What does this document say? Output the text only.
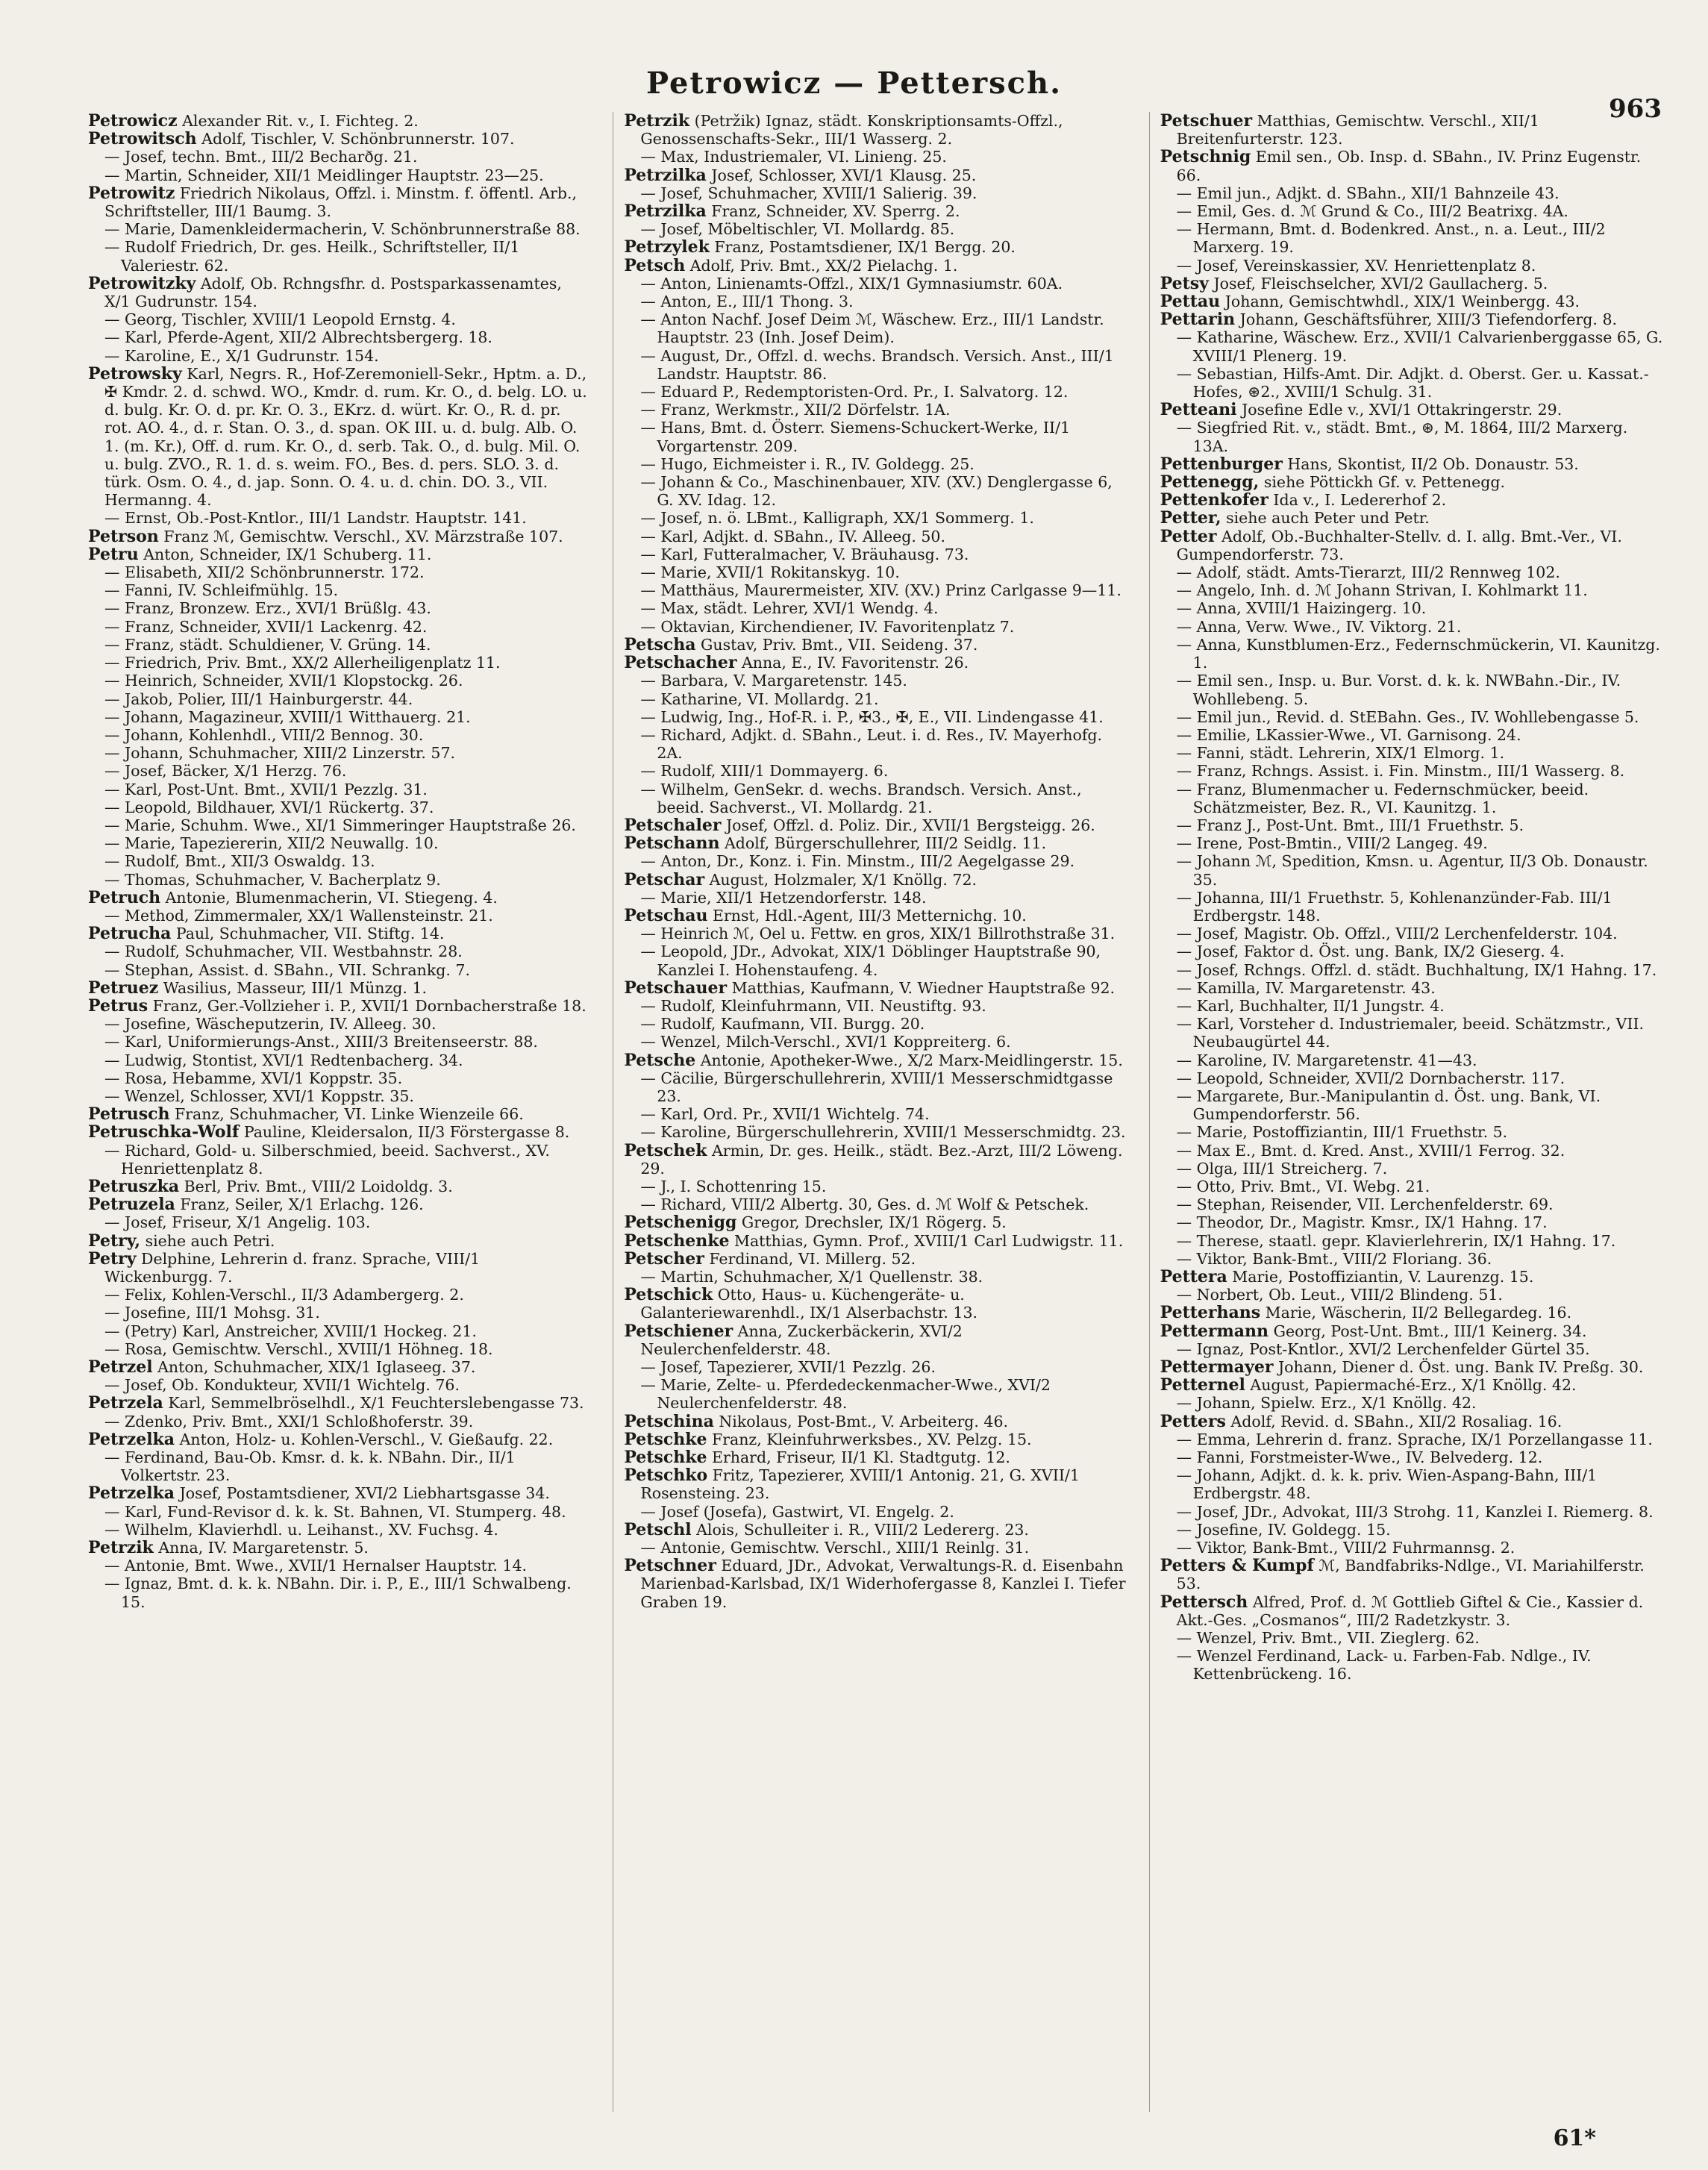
Petrowicz — Pettersch.
963

Petrowicz Alexander Rit. v., I. Fichteg. 2.

Petrowitsch Adolf, Tischler, V. Schönbrunnerstr. 107.

— Josef, techn. Bmt., III/2 Becharðg. 21.

— Martin, Schneider, XII/1 Meidlinger Hauptstr. 23—25.

Petrowitz Friedrich Nikolaus, Offzl. i. Minstm. f. öffentl. Arb., Schriftsteller, III/1 Baumg. 3.

— Marie, Damenkleidermacherin, V. Schönbrunnerstraße 88.

— Rudolf Friedrich, Dr. ges. Heilk., Schriftsteller, II/1 Valeriestr. 62.

Petrowitzky Adolf, Ob. Rchngsfhr. d. Postsparkassenamtes, X/1 Gudrunstr. 154.

— Georg, Tischler, XVIII/1 Leopold Ernstg. 4.

— Karl, Pferde-Agent, XII/2 Albrechtsbergerg. 18.

— Karoline, E., X/1 Gudrunstr. 154.

Petrowsky Karl, Negrs. R., Hof-Zeremoniell-Sekr., Hptm. a. D., ✠ Kmdr. 2. d. schwd. WO., Kmdr. d. rum. Kr. O., d. belg. LO. u. d. bulg. Kr. O. d. pr. Kr. O. 3., EKrz. d. würt. Kr. O., R. d. pr. rot. AO. 4., d. r. Stan. O. 3., d. span. OK III. u. d. bulg. Alb. O. 1. (m. Kr.), Off. d. rum. Kr. O., d. serb. Tak. O., d. bulg. Mil. O. u. bulg. ZVO., R. 1. d. s. weim. FO., Bes. d. pers. SLO. 3. d. türk. Osm. O. 4., d. jap. Sonn. O. 4. u. d. chin. DO. 3., VII. Hermanng. 4.

— Ernst, Ob.-Post-Kntlor., III/1 Landstr. Hauptstr. 141.

Petrson Franz ℳ, Gemischtw. Verschl., XV. Märzstraße 107.

Petru Anton, Schneider, IX/1 Schuberg. 11.

— Elisabeth, XII/2 Schönbrunnerstr. 172.

— Fanni, IV. Schleifmühlg. 15.

— Franz, Bronzew. Erz., XVI/1 Brüßlg. 43.

— Franz, Schneider, XVII/1 Lackenrg. 42.

— Franz, städt. Schuldiener, V. Grüng. 14.

— Friedrich, Priv. Bmt., XX/2 Allerheiligenplatz 11.

— Heinrich, Schneider, XVII/1 Klopstockg. 26.

— Jakob, Polier, III/1 Hainburgerstr. 44.

— Johann, Magazineur, XVIII/1 Witthauerg. 21.

— Johann, Kohlenhdl., VIII/2 Bennog. 30.

— Johann, Schuhmacher, XIII/2 Linzerstr. 57.

— Josef, Bäcker, X/1 Herzg. 76.

— Karl, Post-Unt. Bmt., XVII/1 Pezzlg. 31.

— Leopold, Bildhauer, XVI/1 Rückertg. 37.

— Marie, Schuhm. Wwe., XI/1 Simmeringer Hauptstraße 26.

— Marie, Tapeziererin, XII/2 Neuwallg. 10.

— Rudolf, Bmt., XII/3 Oswaldg. 13.

— Thomas, Schuhmacher, V. Bacherplatz 9.

Petruch Antonie, Blumenmacherin, VI. Stiegeng. 4.

— Method, Zimmermaler, XX/1 Wallensteinstr. 21.

Petrucha Paul, Schuhmacher, VII. Stiftg. 14.

— Rudolf, Schuhmacher, VII. Westbahnstr. 28.

— Stephan, Assist. d. SBahn., VII. Schrankg. 7.

Petruez Wasilius, Masseur, III/1 Münzg. 1.

Petrus Franz, Ger.-Vollzieher i. P., XVII/1 Dornbacherstraße 18.

— Josefine, Wäscheputzerin, IV. Alleeg. 30.

— Karl, Uniformierungs-Anst., XIII/3 Breitenseerstr. 88.

— Ludwig, Stontist, XVI/1 Redtenbacherg. 34.

— Rosa, Hebamme, XVI/1 Koppstr. 35.

— Wenzel, Schlosser, XVI/1 Koppstr. 35.

Petrusch Franz, Schuhmacher, VI. Linke Wienzeile 66.

Petruschka-Wolf Pauline, Kleidersalon, II/3 Förstergasse 8.

— Richard, Gold- u. Silberschmied, beeid. Sachverst., XV. Henriettenplatz 8.

Petruszka Berl, Priv. Bmt., VIII/2 Loidoldg. 3.

Petruzela Franz, Seiler, X/1 Erlachg. 126.

— Josef, Friseur, X/1 Angelig. 103.

Petry, siehe auch Petri.

Petry Delphine, Lehrerin d. franz. Sprache, VIII/1 Wickenburgg. 7.

— Felix, Kohlen-Verschl., II/3 Adambergerg. 2.

— Josefine, III/1 Mohsg. 31.

— (Petry) Karl, Anstreicher, XVIII/1 Hockeg. 21.

— Rosa, Gemischtw. Verschl., XVIII/1 Höhneg. 18.

Petrzel Anton, Schuhmacher, XIX/1 Iglaseeg. 37.

— Josef, Ob. Kondukteur, XVII/1 Wichtelg. 76.

Petrzela Karl, Semmelbröselhdl., X/1 Feuchterslebengasse 73.

— Zdenko, Priv. Bmt., XXI/1 Schloßhoferstr. 39.

Petrzelka Anton, Holz- u. Kohlen-Verschl., V. Gießaufg. 22.

— Ferdinand, Bau-Ob. Kmsr. d. k. k. NBahn. Dir., II/1 Volkertstr. 23.

Petrzelka Josef, Postamtsdiener, XVI/2 Liebhartsgasse 34.

— Karl, Fund-Revisor d. k. k. St. Bahnen, VI. Stumperg. 48.

— Wilhelm, Klavierhdl. u. Leihanst., XV. Fuchsg. 4.

Petrzik Anna, IV. Margaretenstr. 5.

— Antonie, Bmt. Wwe., XVII/1 Hernalser Hauptstr. 14.

— Ignaz, Bmt. d. k. k. NBahn. Dir. i. P., E., III/1 Schwalbeng. 15.

Petrzik (Petržik) Ignaz, städt. Konskriptionsamts-Offzl., Genossenschafts-Sekr., III/1 Wasserg. 2.

— Max, Industriemaler, VI. Linieng. 25.

Petrzilka Josef, Schlosser, XVI/1 Klausg. 25.

— Josef, Schuhmacher, XVIII/1 Salierig. 39.

Petrzilka Franz, Schneider, XV. Sperrg. 2.

— Josef, Möbeltischler, VI. Mollardg. 85.

Petrzylek Franz, Postamtsdiener, IX/1 Bergg. 20.

Petsch Adolf, Priv. Bmt., XX/2 Pielachg. 1.

— Anton, Linienamts-Offzl., XIX/1 Gymnasiumstr. 60A.

— Anton, E., III/1 Thong. 3.

— Anton Nachf. Josef Deim ℳ, Wäschew. Erz., III/1 Landstr. Hauptstr. 23 (Inh. Josef Deim).

— August, Dr., Offzl. d. wechs. Brandsch. Versich. Anst., III/1 Landstr. Hauptstr. 86.

— Eduard P., Redemptoristen-Ord. Pr., I. Salvatorg. 12.

— Franz, Werkmstr., XII/2 Dörfelstr. 1A.

— Hans, Bmt. d. Österr. Siemens-Schuckert-Werke, II/1 Vorgartenstr. 209.

— Hugo, Eichmeister i. R., IV. Goldegg. 25.

— Johann & Co., Maschinenbauer, XIV. (XV.) Denglergasse 6, G. XV. Idag. 12.

— Josef, n. ö. LBmt., Kalligraph, XX/1 Sommerg. 1.

— Karl, Adjkt. d. SBahn., IV. Alleeg. 50.

— Karl, Futteralmacher, V. Bräuhausg. 73.

— Marie, XVII/1 Rokitanskyg. 10.

— Matthäus, Maurermeister, XIV. (XV.) Prinz Carlgasse 9—11.

— Max, städt. Lehrer, XVI/1 Wendg. 4.

— Oktavian, Kirchendiener, IV. Favoritenplatz 7.

Petscha Gustav, Priv. Bmt., VII. Seideng. 37.

Petschacher Anna, E., IV. Favoritenstr. 26.

— Barbara, V. Margaretenstr. 145.

— Katharine, VI. Mollardg. 21.

— Ludwig, Ing., Hof-R. i. P., ✠3., ✠, E., VII. Lindengasse 41.

— Richard, Adjkt. d. SBahn., Leut. i. d. Res., IV. Mayerhofg. 2A.

— Rudolf, XIII/1 Dommayerg. 6.

— Wilhelm, GenSekr. d. wechs. Brandsch. Versich. Anst., beeid. Sachverst., VI. Mollardg. 21.

Petschaler Josef, Offzl. d. Poliz. Dir., XVII/1 Bergsteigg. 26.

Petschann Adolf, Bürgerschullehrer, III/2 Seidlg. 11.

— Anton, Dr., Konz. i. Fin. Minstm., III/2 Aegelgasse 29.

Petschar August, Holzmaler, X/1 Knöllg. 72.

— Marie, XII/1 Hetzendorferstr. 148.

Petschau Ernst, Hdl.-Agent, III/3 Metternichg. 10.

— Heinrich ℳ, Oel u. Fettw. en gros, XIX/1 Billrothstraße 31.

— Leopold, JDr., Advokat, XIX/1 Döblinger Hauptstraße 90, Kanzlei I. Hohenstaufeng. 4.

Petschauer Matthias, Kaufmann, V. Wiedner Hauptstraße 92.

— Rudolf, Kleinfuhrmann, VII. Neustiftg. 93.

— Rudolf, Kaufmann, VII. Burgg. 20.

— Wenzel, Milch-Verschl., XVI/1 Koppreiterg. 6.

Petsche Antonie, Apotheker-Wwe., X/2 Marx-Meidlingerstr. 15.

— Cäcilie, Bürgerschullehrerin, XVIII/1 Messerschmidtgasse 23.

— Karl, Ord. Pr., XVII/1 Wichtelg. 74.

— Karoline, Bürgerschullehrerin, XVIII/1 Messerschmidtg. 23.

Petschek Armin, Dr. ges. Heilk., städt. Bez.-Arzt, III/2 Löweng. 29.

— J., I. Schottenring 15.

— Richard, VIII/2 Albertg. 30, Ges. d. ℳ Wolf & Petschek.

Petschenigg Gregor, Drechsler, IX/1 Rögerg. 5.

Petschenke Matthias, Gymn. Prof., XVIII/1 Carl Ludwigstr. 11.

Petscher Ferdinand, VI. Millerg. 52.

— Martin, Schuhmacher, X/1 Quellenstr. 38.

Petschick Otto, Haus- u. Küchengeräte- u. Galanteriewarenhdl., IX/1 Alserbachstr. 13.

Petschiener Anna, Zuckerbäckerin, XVI/2 Neulerchenfelderstr. 48.

— Josef, Tapezierer, XVII/1 Pezzlg. 26.

— Marie, Zelte- u. Pferdedeckenmacher-Wwe., XVI/2 Neulerchenfelderstr. 48.

Petschina Nikolaus, Post-Bmt., V. Arbeiterg. 46.

Petschke Franz, Kleinfuhrwerksbes., XV. Pelzg. 15.

Petschke Erhard, Friseur, II/1 Kl. Stadtgutg. 12.

Petschko Fritz, Tapezierer, XVIII/1 Antonig. 21, G. XVII/1 Rosensteing. 23.

— Josef (Josefa), Gastwirt, VI. Engelg. 2.

Petschl Alois, Schulleiter i. R., VIII/2 Ledererg. 23.

— Antonie, Gemischtw. Verschl., XIII/1 Reinlg. 31.

Petschner Eduard, JDr., Advokat, Verwaltungs-R. d. Eisenbahn Marienbad-Karlsbad, IX/1 Widerhofergasse 8, Kanzlei I. Tiefer Graben 19.

Petschuer Matthias, Gemischtw. Verschl., XII/1 Breitenfurterstr. 123.

Petschnig Emil sen., Ob. Insp. d. SBahn., IV. Prinz Eugenstr. 66.

— Emil jun., Adjkt. d. SBahn., XII/1 Bahnzeile 43.

— Emil, Ges. d. ℳ Grund & Co., III/2 Beatrixg. 4A.

— Hermann, Bmt. d. Bodenkred. Anst., n. a. Leut., III/2 Marxerg. 19.

— Josef, Vereinskassier, XV. Henriettenplatz 8.

Petsy Josef, Fleischselcher, XVI/2 Gaullacherg. 5.

Pettau Johann, Gemischtwhdl., XIX/1 Weinbergg. 43.

Pettarin Johann, Geschäftsführer, XIII/3 Tiefendorferg. 8.

— Katharine, Wäschew. Erz., XVII/1 Calvarienberggasse 65, G. XVIII/1 Plenerg. 19.

— Sebastian, Hilfs-Amt. Dir. Adjkt. d. Oberst. Ger. u. Kassat.-Hofes, ⊛2., XVIII/1 Schulg. 31.

Petteani Josefine Edle v., XVI/1 Ottakringerstr. 29.

— Siegfried Rit. v., städt. Bmt., ⊛, M. 1864, III/2 Marxerg. 13A.

Pettenburger Hans, Skontist, II/2 Ob. Donaustr. 53.

Pettenegg, siehe Pöttickh Gf. v. Pettenegg.

Pettenkofer Ida v., I. Ledererhof 2.

Petter, siehe auch Peter und Petr.

Petter Adolf, Ob.-Buchhalter-Stellv. d. I. allg. Bmt.-Ver., VI. Gumpendorferstr. 73.

— Adolf, städt. Amts-Tierarzt, III/2 Rennweg 102.

— Angelo, Inh. d. ℳ Johann Strivan, I. Kohlmarkt 11.

— Anna, XVIII/1 Haizingerg. 10.

— Anna, Verw. Wwe., IV. Viktorg. 21.

— Anna, Kunstblumen-Erz., Federnschmückerin, VI. Kaunitzg. 1.

— Emil sen., Insp. u. Bur. Vorst. d. k. k. NWBahn.-Dir., IV. Wohllebeng. 5.

— Emil jun., Revid. d. StEBahn. Ges., IV. Wohllebengasse 5.

— Emilie, LKassier-Wwe., VI. Garnisong. 24.

— Fanni, städt. Lehrerin, XIX/1 Elmorg. 1.

— Franz, Rchngs. Assist. i. Fin. Minstm., III/1 Wasserg. 8.

— Franz, Blumenmacher u. Federnschmücker, beeid. Schätzmeister, Bez. R., VI. Kaunitzg. 1.

— Franz J., Post-Unt. Bmt., III/1 Fruethstr. 5.

— Irene, Post-Bmtin., VIII/2 Langeg. 49.

— Johann ℳ, Spedition, Kmsn. u. Agentur, II/3 Ob. Donaustr. 35.

— Johanna, III/1 Fruethstr. 5, Kohlenanzünder-Fab. III/1 Erdbergstr. 148.

— Josef, Magistr. Ob. Offzl., VIII/2 Lerchenfelderstr. 104.

— Josef, Faktor d. Öst. ung. Bank, IX/2 Gieserg. 4.

— Josef, Rchngs. Offzl. d. städt. Buchhaltung, IX/1 Hahng. 17.

— Kamilla, IV. Margaretenstr. 43.

— Karl, Buchhalter, II/1 Jungstr. 4.

— Karl, Vorsteher d. Industriemaler, beeid. Schätzmstr., VII. Neubaugürtel 44.

— Karoline, IV. Margaretenstr. 41—43.

— Leopold, Schneider, XVII/2 Dornbacherstr. 117.

— Margarete, Bur.-Manipulantin d. Öst. ung. Bank, VI. Gumpendorferstr. 56.

— Marie, Postoffiziantin, III/1 Fruethstr. 5.

— Max E., Bmt. d. Kred. Anst., XVIII/1 Ferrog. 32.

— Olga, III/1 Streicherg. 7.

— Otto, Priv. Bmt., VI. Webg. 21.

— Stephan, Reisender, VII. Lerchenfelderstr. 69.

— Theodor, Dr., Magistr. Kmsr., IX/1 Hahng. 17.

— Therese, staatl. gepr. Klavierlehrerin, IX/1 Hahng. 17.

— Viktor, Bank-Bmt., VIII/2 Floriang. 36.

Pettera Marie, Postoffiziantin, V. Laurenzg. 15.

— Norbert, Ob. Leut., VIII/2 Blindeng. 51.

Petterhans Marie, Wäscherin, II/2 Bellegardeg. 16.

Pettermann Georg, Post-Unt. Bmt., III/1 Keinerg. 34.

— Ignaz, Post-Kntlor., XVI/2 Lerchenfelder Gürtel 35.

Pettermayer Johann, Diener d. Öst. ung. Bank IV. Preßg. 30.

Petternel August, Papiermaché-Erz., X/1 Knöllg. 42.

— Johann, Spielw. Erz., X/1 Knöllg. 42.

Petters Adolf, Revid. d. SBahn., XII/2 Rosaliag. 16.

— Emma, Lehrerin d. franz. Sprache, IX/1 Porzellangasse 11.

— Fanni, Forstmeister-Wwe., IV. Belvederg. 12.

— Johann, Adjkt. d. k. k. priv. Wien-Aspang-Bahn, III/1 Erdbergstr. 48.

— Josef, JDr., Advokat, III/3 Strohg. 11, Kanzlei I. Riemerg. 8.

— Josefine, IV. Goldegg. 15.

— Viktor, Bank-Bmt., VIII/2 Fuhrmannsg. 2.

Petters & Kumpf ℳ, Bandfabriks-Ndlge., VI. Mariahilferstr. 53.

Pettersch Alfred, Prof. d. ℳ Gottlieb Giftel & Cie., Kassier d. Akt.-Ges. „Cosmanos“, III/2 Radetzkystr. 3.

— Wenzel, Priv. Bmt., VII. Zieglerg. 62.

— Wenzel Ferdinand, Lack- u. Farben-Fab. Ndlge., IV. Kettenbrückeng. 16.

61*
